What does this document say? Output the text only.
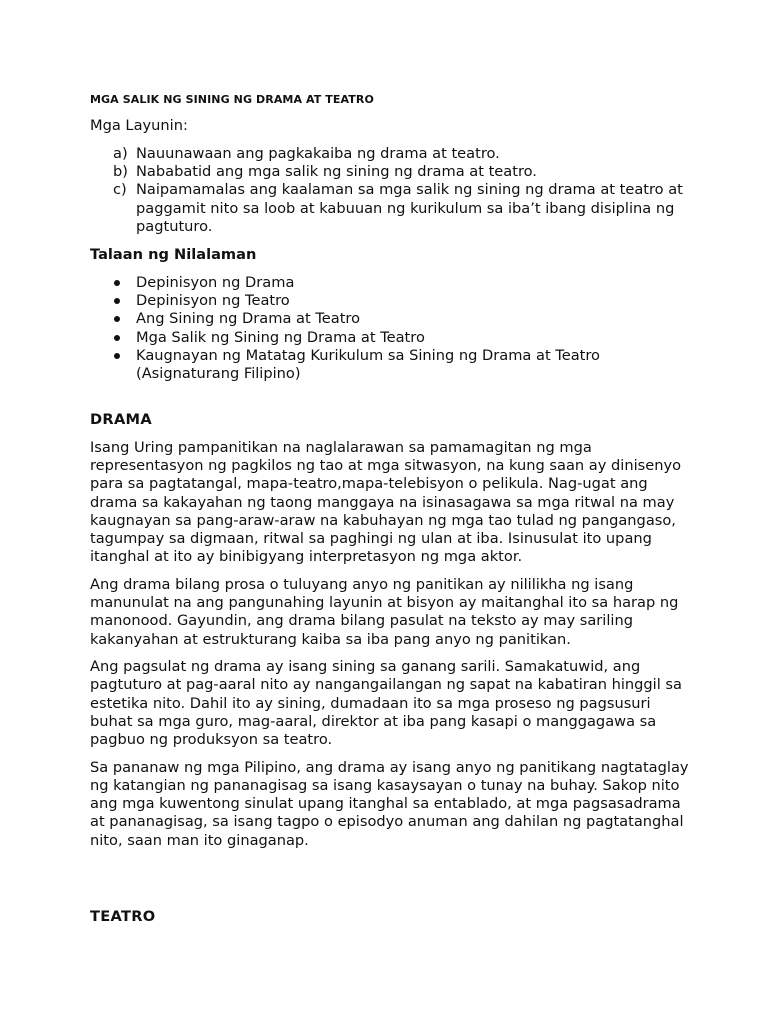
MGA SALIK NG SINING NG DRAMA AT TEATRO
Mga Layunin:
a) Nauunawaan ang pagkakaiba ng drama at teatro.
b) Nababatid ang mga salik ng sining ng drama at teatro.
c) Naipamamalas ang kaalaman sa mga salik ng sining ng drama at teatro at paggamit nito sa loob at kabuuan ng kurikulum sa iba’t ibang disiplina ng pagtuturo.
Talaan ng Nilalaman
Depinisyon ng Drama
Depinisyon ng Teatro
Ang Sining ng Drama at Teatro
Mga Salik ng Sining ng Drama at Teatro
Kaugnayan ng Matatag Kurikulum sa Sining ng Drama at Teatro (Asignaturang Filipino)
DRAMA

Isang Uring pampanitikan na naglalarawan sa pamamagitan ng mga representasyon ng pagkilos ng tao at mga sitwasyon, na kung saan ay dinisenyo para sa pagtatangal, mapa-teatro,mapa-telebisyon o pelikula. Nag-ugat ang drama sa kakayahan ng taong manggaya na isinasagawa sa mga ritwal na may kaugnayan sa pang-araw-araw na kabuhayan ng mga tao tulad ng pangangaso, tagumpay sa digmaan, ritwal sa paghingi ng ulan at iba. Isinusulat ito upang itanghal at ito ay binibigyang interpretasyon ng mga aktor.

Ang drama bilang prosa o tuluyang anyo ng panitikan ay nililikha ng isang manunulat na ang pangunahing layunin at bisyon ay maitanghal ito sa harap ng manonood. Gayundin, ang drama bilang pasulat na teksto ay may sariling kakanyahan at estrukturang kaiba sa iba pang anyo ng panitikan.

Ang pagsulat ng drama ay isang sining sa ganang sarili. Samakatuwid, ang pagtuturo at pag-aaral nito ay nangangailangan ng sapat na kabatiran hinggil sa estetika nito. Dahil ito ay sining, dumadaan ito sa mga proseso ng pagsusuri buhat sa mga guro, mag-aaral, direktor at iba pang kasapi o manggagawa sa pagbuo ng produksyon sa teatro.

Sa pananaw ng mga Pilipino, ang drama ay isang anyo ng panitikang nagtataglay ng katangian ng pananagisag sa isang kasaysayan o tunay na buhay. Sakop nito ang mga kuwentong sinulat upang itanghal sa entablado, at mga pagsasadrama at pananagisag, sa isang tagpo o episodyo anuman ang dahilan ng pagtatanghal nito, saan man ito ginaganap.

TEATRO
